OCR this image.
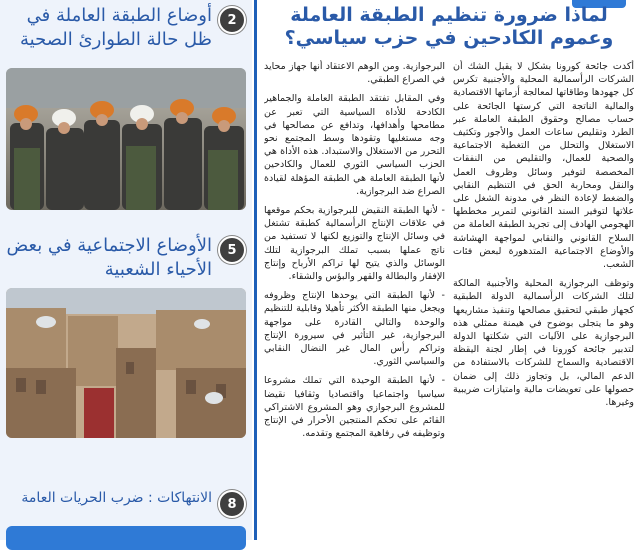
2
أوضاع الطبقة العاملة في ظل حالة الطوارئ الصحية
5
الأوضاع الاجتماعية في بعض الأحياء الشعبية
8
الانتهاكات : ضرب الحريات العامة
لماذا ضرورة تنظيم الطبقة العاملة وعموم الكادحين في حزب سياسي؟

أكدت جائحة كورونا بشكل لا يقبل الشك أن الشركات الرأسمالية المحلية والأجنبية تكرس كل جهودها وطاقاتها لمعالجة أزماتها الاقتصادية والمالية الناتجة التي كرستها الجائحة على حساب مصالح وحقوق الطبقة العاملة عبر الطرد وتقليص ساعات العمل والأجور وتكثيف الاستغلال والتحلل من التغطية الاجتماعية والصحية للعمال، والتقليص من النفقات المخصصة لتوفير وسائل وظروف العمل والنقل ومحاربة الحق في التنظيم النقابي والضغط لإعادة النظر في مدونة الشغل على علاتها لتوفير السند القانوني لتمرير مخططها الهجومي الهادف إلى تجريد الطبقة العاملة من السلاح القانوني والنقابي لمواجهة الهشاشة والأوضاع الاجتماعية المتدهورة لبعض فئات الشعب.

وتوظف البرجوازية المحلية والأجنبية المالكة لتلك الشركات الرأسمالية الدولة الطبقية كجهاز طبقي لتحقيق مصالحها وتنفيذ مشاريعها وهو ما يتجلى بوضوح في هيمنة ممثلي هذه البرجوازية على الآليات التي شكلتها الدولة لتدبير جائحة كورونا في إطار لجنة اليقظة الاقتصادية والسماح للشركات بالاستفادة من الدعم المالي، بل وتجاوز ذلك إلى ضمان حصولها على تعويضات مالية وامتيازات ضريبية وغيرها.

البرجوازية. ومن الوهم الاعتقاد أنها جهاز محايد في الصراع الطبقي.

وفي المقابل تفتقد الطبقة العاملة والجماهير الكادحة للأداة السياسية التي تعبر عن مطامحها وأهدافها، وتدافع عن مصالحها في وجه مستغليها وتقودها وسط المجتمع نحو التحرر من الاستغلال والاستبداد. هذه الأداة هي الحزب السياسي الثوري للعمال والكادحين لأنها الطبقة العاملة هي الطبقة المؤهلة لقيادة الصراع ضد البرجوازية.

- لأنها الطبقة النقيض للبرجوازية بحكم موقعها في علاقات الإنتاج الرأسمالية كطبقة تشتغل في وسائل الإنتاج والتوزيع لكنها لا تستفيد من ناتج عملها بسبب تملك البرجوازية لتلك الوسائل والذي يتيح لها تراكم الأرباح وإنتاج الإفقار والبطالة والقهر والبؤس والشقاء.

- لأنها الطبقة التي يوحدها الإنتاج وظروفه ويجعل منها الطبقة الأكثر تأهيلا وقابلية للتنظيم والوحدة والتالي القادرة على مواجهة البرجوازية، غير التأثير في سيرورة الإنتاج وتراكم رأس المال غير النضال النقابي والسياسي الثوري.

- لأنها الطبقة الوحيدة التي تملك مشروعا سياسيا واجتماعيا واقتصاديا وثقافيا نقيضا للمشروع البرجوازي وهو المشروع الاشتراكي القائم على تحكم المنتجين الأحرار في الإنتاج وتوظيفه في رفاهية المجتمع وتقدمه.
